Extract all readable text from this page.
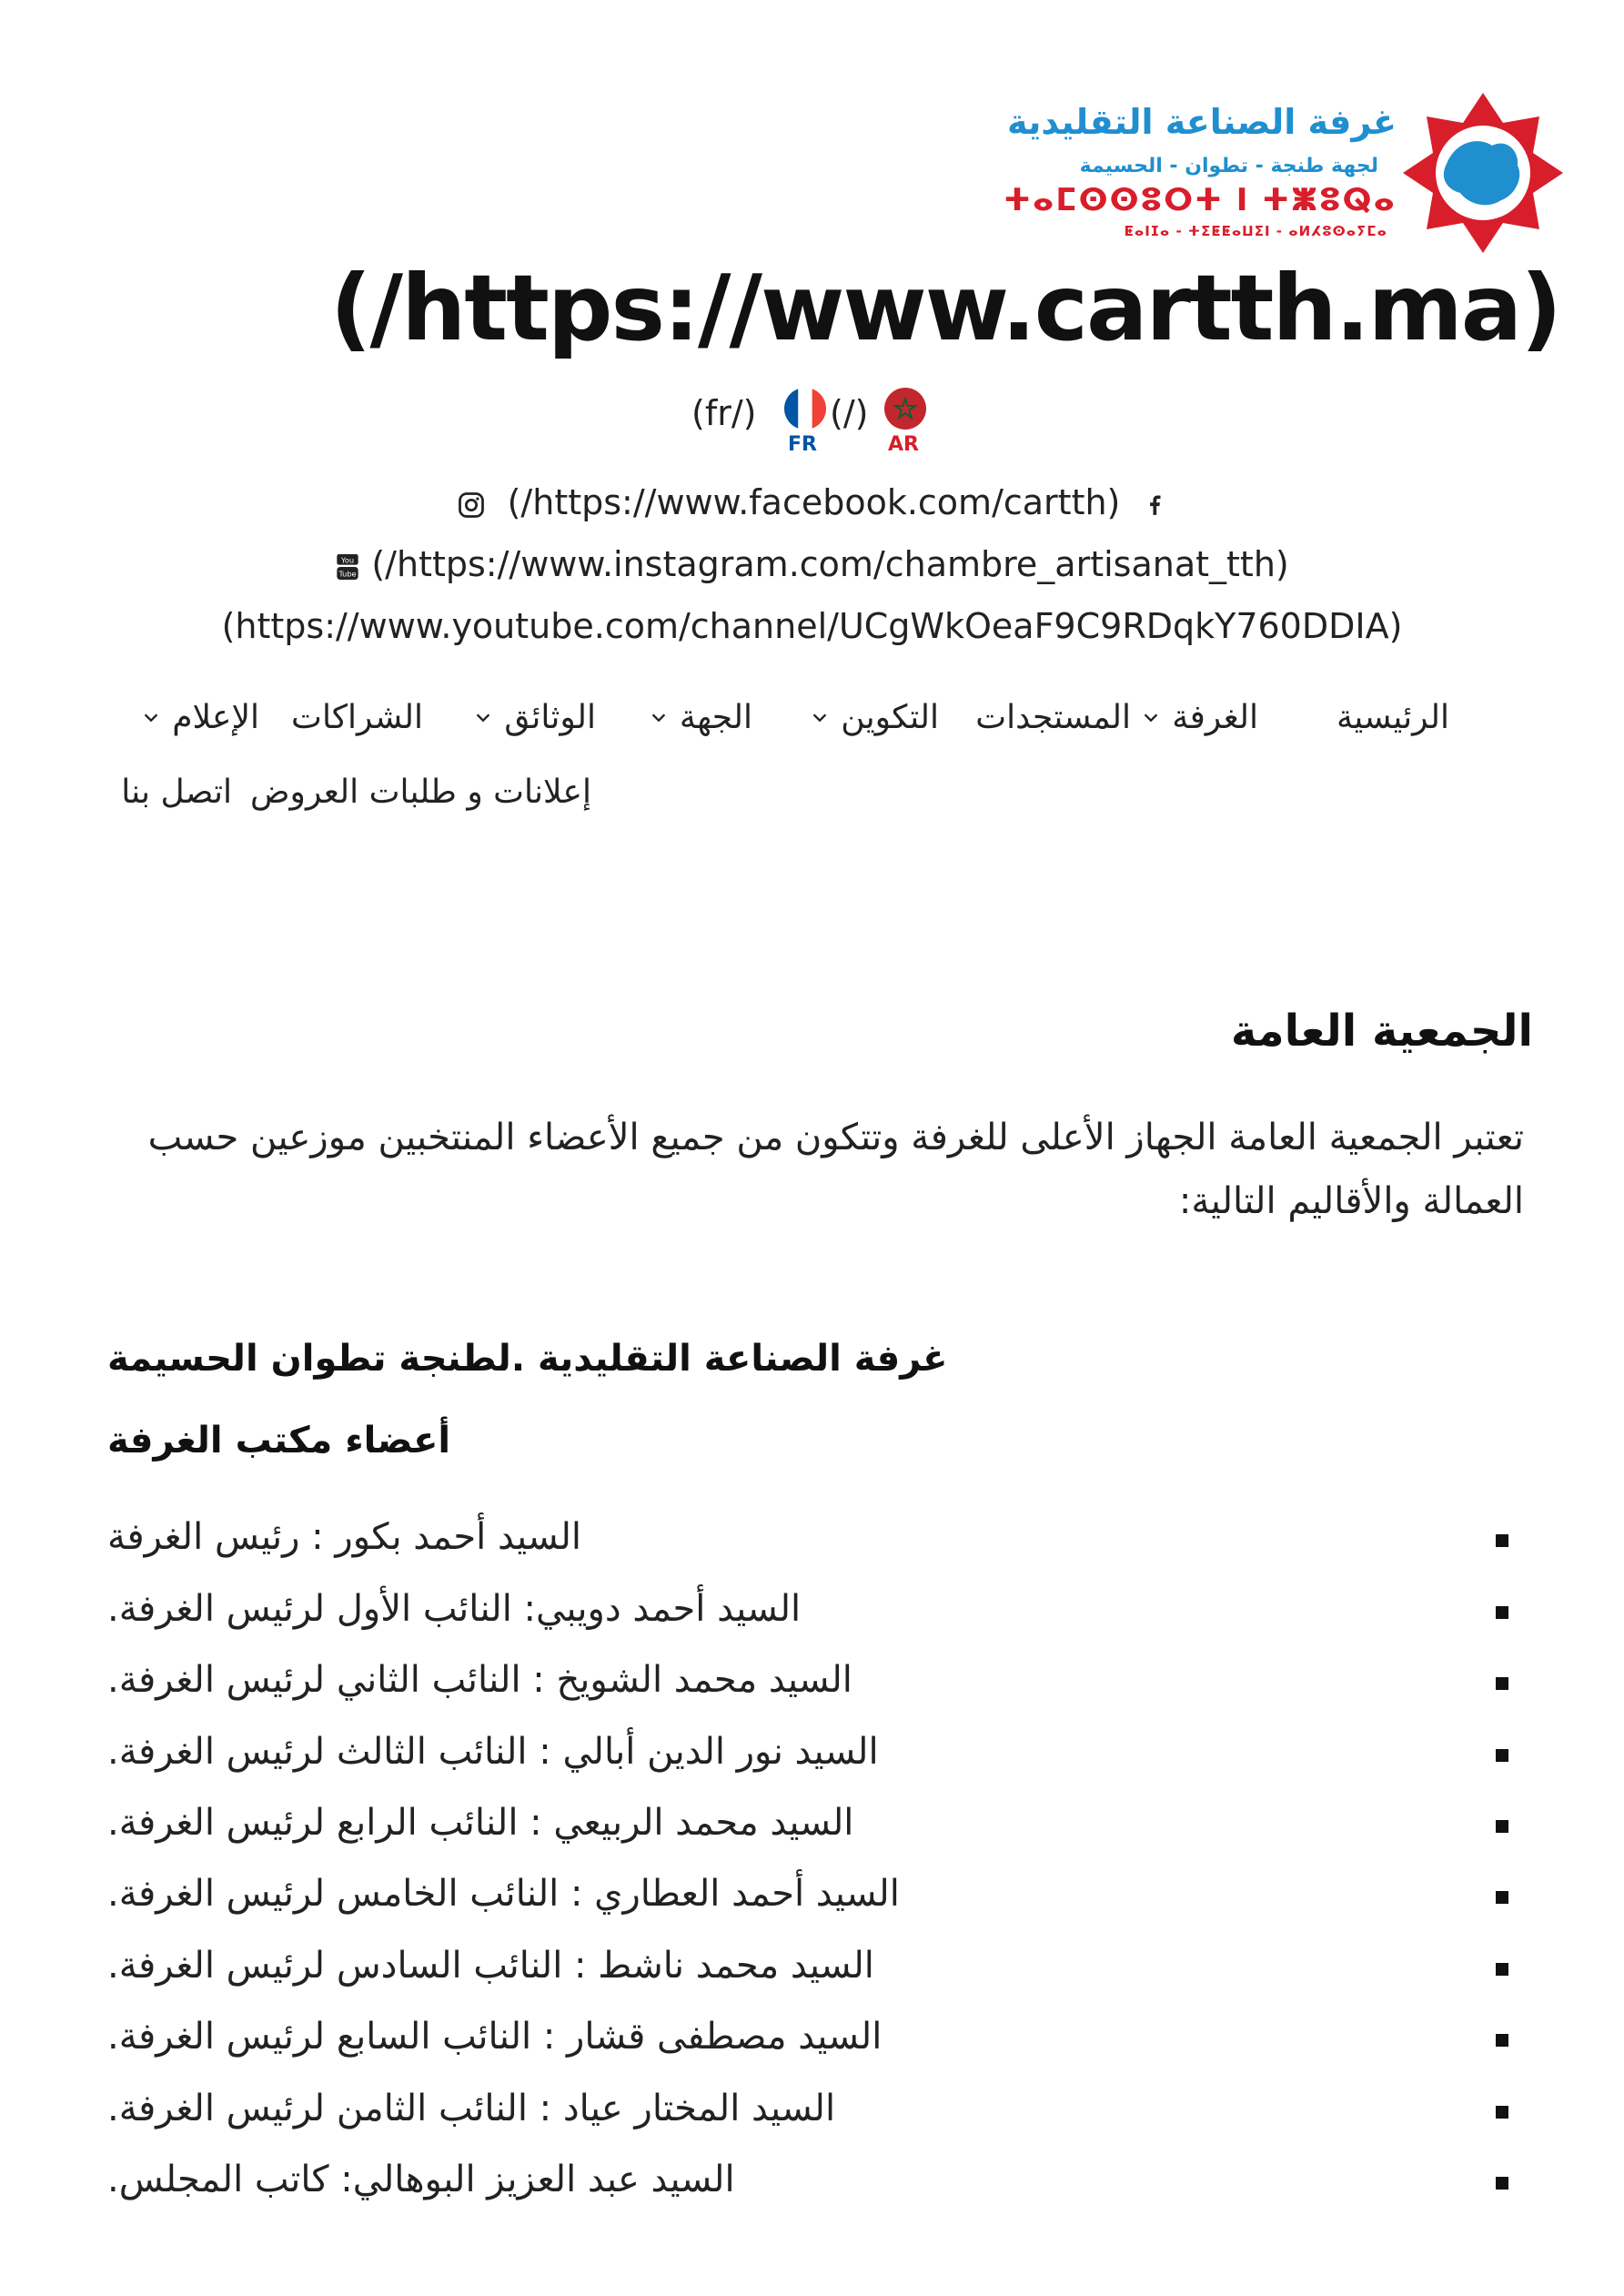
غرفة الصناعة التقليدية
لجهة طنجة - تطوان - الحسيمة
ⵜⴰⵎⵙⵙⵓⵔⵜ ⵏ ⵜⵥⵓⵕⴰ
ⵟⴰⵏⵊⴰ - ⵜⵉⵟⵟⴰⵡⵉⵏ - ⴰⵍⵃⵓⵙⴰⵢⵎⴰ
(/https://www.cartth.ma)
(fr/)
FR
(/)
AR
(/https://www.facebook.com/cartth)
You
Tube (/https://www.instagram.com/chambre_artisanat_tth)
(https://www.youtube.com/channel/UCgWkOeaF9C9RDqkY760DDIA)
الرئيسية
الغرفة
المستجدات
التكوين
الجهة
الوثائق
الشراكات
الإعلام
إعلانات و طلبات العروض
اتصل بنا
الجمعية العامة

تعتبر الجمعية العامة الجهاز الأعلى للغرفة وتتكون من جميع الأعضاء المنتخبين موزعين حسب العمالة والأقاليم التالية:

غرفة الصناعة التقليدية .لطنجة تطوان الحسيمة
أعضاء مكتب الغرفة
السيد أحمد بكور : رئيس الغرفة
السيد أحمد دويبي: النائب الأول لرئيس الغرفة.
السيد محمد الشويخ : النائب الثاني لرئيس الغرفة.
السيد نور الدين أبالي : النائب الثالث لرئيس الغرفة.
السيد محمد الربيعي : النائب الرابع لرئيس الغرفة.
السيد أحمد العطاري : النائب الخامس لرئيس الغرفة.
السيد محمد ناشط : النائب السادس لرئيس الغرفة.
السيد مصطفى قشار : النائب السابع لرئيس الغرفة.
السيد المختار عياد : النائب الثامن لرئيس الغرفة.
السيد عبد العزيز البوهالي: كاتب المجلس.
